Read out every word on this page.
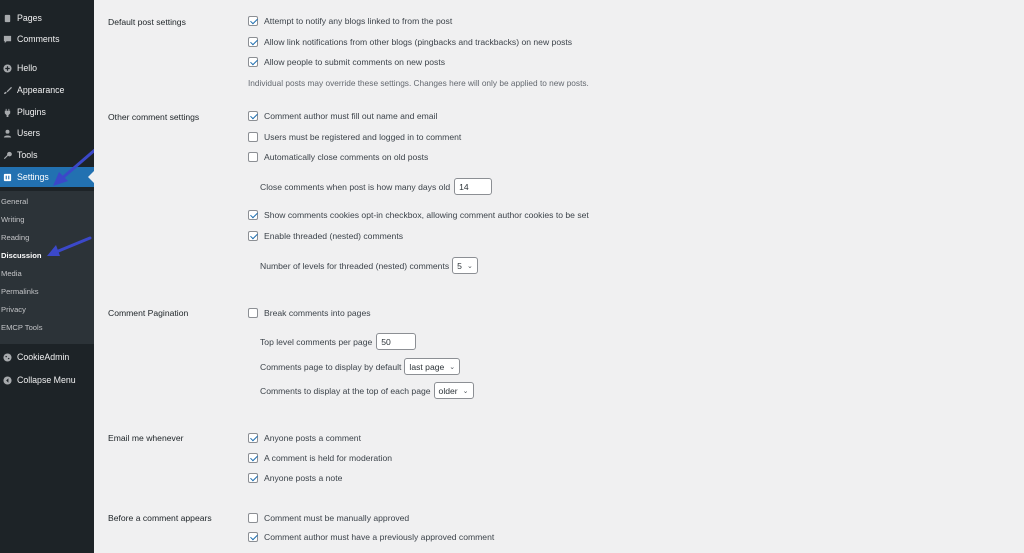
Pages
Comments
Hello
Appearance
Plugins
Users
Tools
Settings
General
Writing
Reading
Discussion
Media
Permalinks
Privacy
EMCP Tools
CookieAdmin
Collapse Menu
Default post settings	Attempt to notify any blogs linked to from the post
Allow link notifications from other blogs (pingbacks and trackbacks) on new posts
Allow people to submit comments on new posts
Individual posts may override these settings. Changes here will only be applied to new posts.
Other comment settings	Comment author must fill out name and email
Users must be registered and logged in to comment
Automatically close comments on old posts
Close comments when post is how many days old	14
Show comments cookies opt-in checkbox, allowing comment author cookies to be set
Enable threaded (nested) comments
Number of levels for threaded (nested) comments 5 ⌄
Comment Pagination	Break comments into pages
Top level comments per page	50
Comments page to display by default last page ⌄
Comments to display at the top of each page older ⌄
Email me whenever	Anyone posts a comment
A comment is held for moderation
Anyone posts a note
Before a comment appears	Comment must be manually approved
Comment author must have a previously approved comment
